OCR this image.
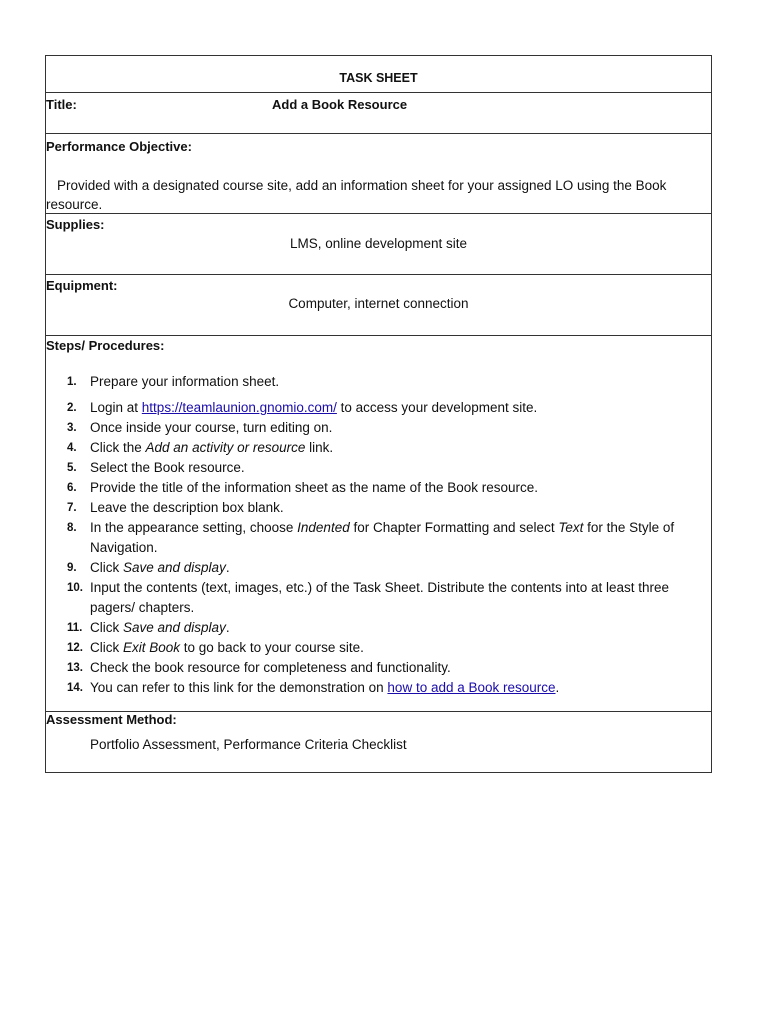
TASK SHEET
Title:	Add a Book Resource
Performance Objective:
Provided with a designated course site, add an information sheet for your assigned LO using the Book resource.
Supplies:
LMS, online development site
Equipment:
Computer, internet connection
Steps/ Procedures:
1. Prepare your information sheet.
2. Login at https://teamlaunion.gnomio.com/ to access your development site.
3. Once inside your course, turn editing on.
4. Click the Add an activity or resource link.
5. Select the Book resource.
6. Provide the title of the information sheet as the name of the Book resource.
7. Leave the description box blank.
8. In the appearance setting, choose Indented for Chapter Formatting and select Text for the Style of Navigation.
9. Click Save and display.
10. Input the contents (text, images, etc.) of the Task Sheet. Distribute the contents into at least three pagers/ chapters.
11. Click Save and display.
12. Click Exit Book to go back to your course site.
13. Check the book resource for completeness and functionality.
14. You can refer to this link for the demonstration on how to add a Book resource.
Assessment Method:
Portfolio Assessment, Performance Criteria Checklist
